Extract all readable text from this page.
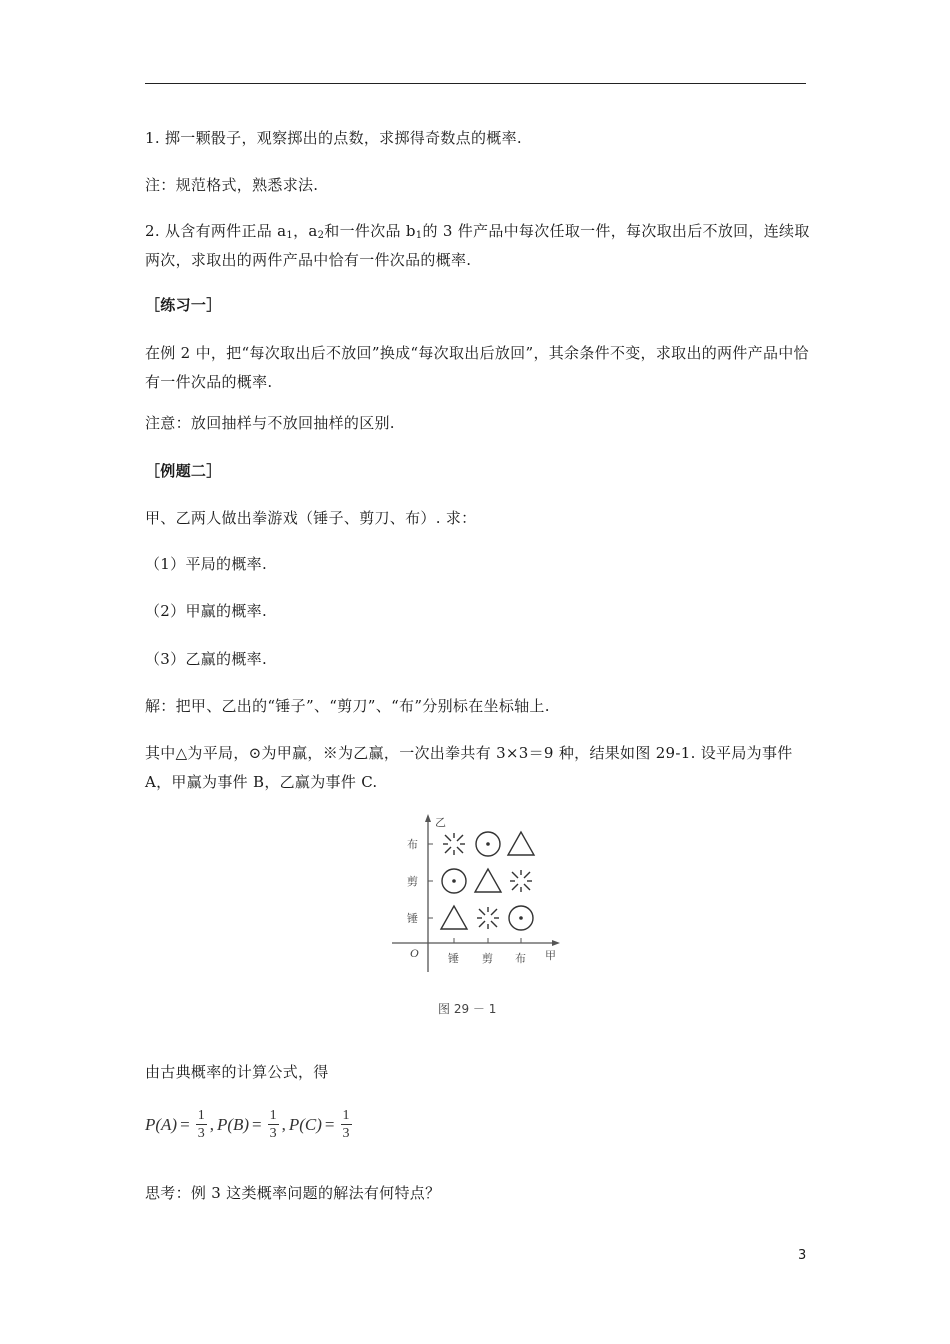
1. 掷一颗骰子，观察掷出的点数，求掷得奇数点的概率.
注：规范格式，熟悉求法.
2. 从含有两件正品 $a_1$，$a_2$和一件次品 $b_1$的 3 件产品中每次任取一件，每次取出后不放回，连续取两次，求取出的两件产品中恰有一件次品的概率.
［练习一］
在例 2 中，把“每次取出后不放回”换成“每次取出后放回”，其余条件不变，求取出的两件产品中恰有一件次品的概率.
注意：放回抽样与不放回抽样的区别.
［例题二］
甲、乙两人做出拳游戏（锤子、剪刀、布）. 求：
（1）平局的概率.
（2）甲赢的概率.
（3）乙赢的概率.
解：把甲、乙出的“锤子”、“剪刀”、“布”分别标在坐标轴上.
其中△为平局，⊙为甲赢，※为乙赢，一次出拳共有 3×3＝9 种，结果如图 29-1. 设平局为事件 A，甲赢为事件 B，乙赢为事件 C.
乙
甲
O
布
剪
锤
锤 剪 布
图 29 － 1
由古典概率的计算公式，得
$P(A) = \frac{1}{3}$ , $P(B) = \frac{1}{3}$ , $P(C) = \frac{1}{3}$
思考：例 3 这类概率问题的解法有何特点？
3
